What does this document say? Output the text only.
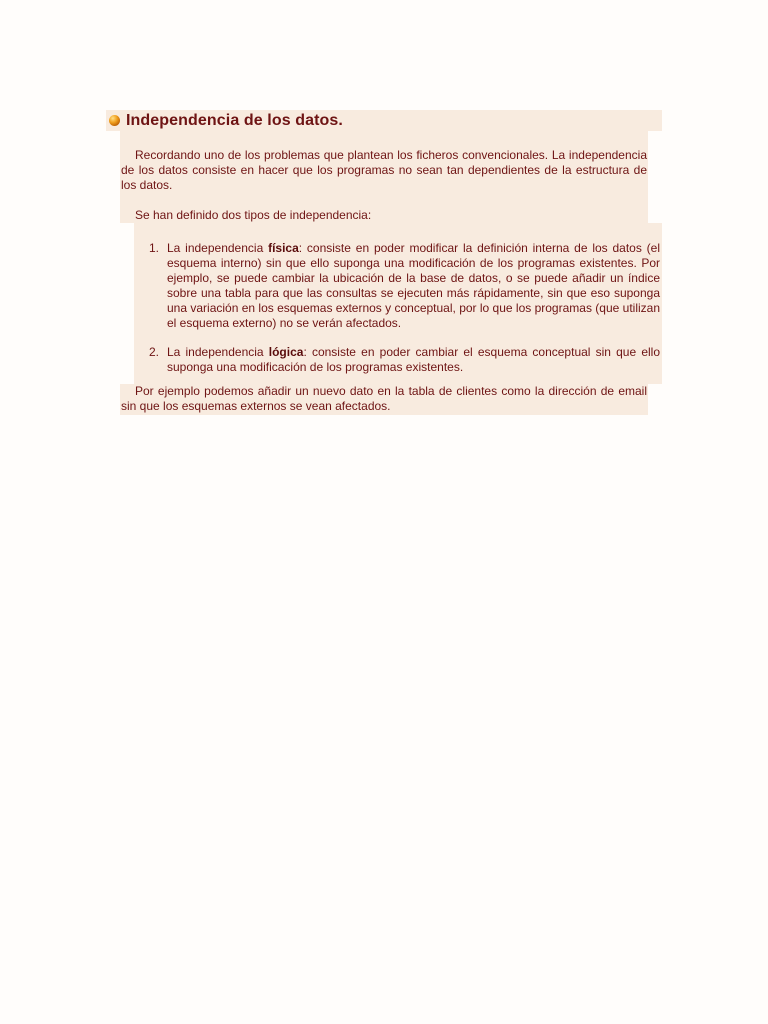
Independencia de los datos.

Recordando uno de los problemas que plantean los ficheros convencionales. La independencia de los datos consiste en hacer que los programas no sean tan dependientes de la estructura de los datos.

Se han definido dos tipos de independencia:

1. La independencia física: consiste en poder modificar la definición interna de los datos (el esquema interno) sin que ello suponga una modificación de los programas existentes. Por ejemplo, se puede cambiar la ubicación de la base de datos, o se puede añadir un índice sobre una tabla para que las consultas se ejecuten más rápidamente, sin que eso suponga una variación en los esquemas externos y conceptual, por lo que los programas (que utilizan el esquema externo) no se verán afectados.
2. La independencia lógica: consiste en poder cambiar el esquema conceptual sin que ello suponga una modificación de los programas existentes.

Por ejemplo podemos añadir un nuevo dato en la tabla de clientes como la dirección de email sin que los esquemas externos se vean afectados.
